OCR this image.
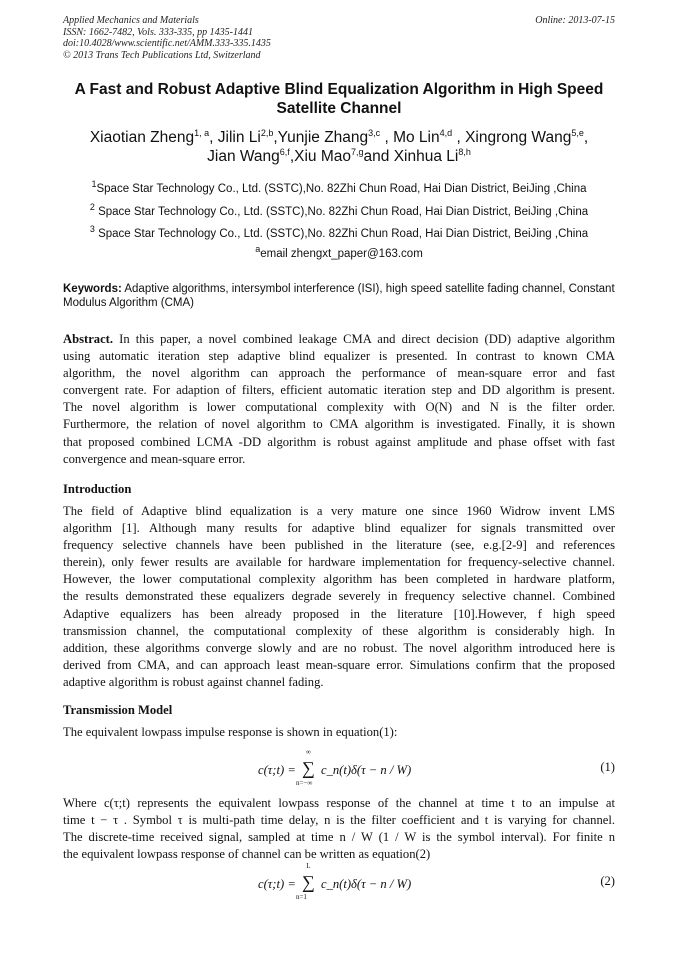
Applied Mechanics and Materials
ISSN: 1662-7482, Vols. 333-335, pp 1435-1441
doi:10.4028/www.scientific.net/AMM.333-335.1435
© 2013 Trans Tech Publications Ltd, Switzerland
Online: 2013-07-15
A Fast and Robust Adaptive Blind Equalization Algorithm in High Speed Satellite Channel
Xiaotian Zheng$^{1, a}$, Jilin Li$^{2,b}$,Yunjie Zhang$^{3,c}$ , Mo Lin$^{4,d}$ , Xingrong Wang$^{5,e}$,
Jian Wang$^{6,f}$,Xiu Mao$^{7,g}$and Xinhua Li$^{8,h}$
$^1$Space Star Technology Co., Ltd. (SSTC),No. 82Zhi Chun Road, Hai Dian District, BeiJing ,China
$^2$ Space Star Technology Co., Ltd. (SSTC),No. 82Zhi Chun Road, Hai Dian District, BeiJing ,China
$^3$ Space Star Technology Co., Ltd. (SSTC),No. 82Zhi Chun Road, Hai Dian District, BeiJing ,China
$^a$email zhengxt_paper@163.com
Keywords: Adaptive algorithms, intersymbol interference (ISI), high speed satellite fading channel, Constant Modulus Algorithm (CMA)
Abstract. In this paper, a novel combined leakage CMA and direct decision (DD) adaptive algorithm
using automatic iteration step adaptive blind equalizer is presented. In contrast to known CMA
algorithm, the novel algorithm can approach the performance of mean-square error and fast
convergent rate. For adaption of filters, efficient automatic iteration step and DD algorithm is present.
The novel algorithm is lower computational complexity with O(N) and N is the filter order.
Furthermore, the relation of novel algorithm to CMA algorithm is investigated. Finally, it is shown
that proposed combined LCMA -DD algorithm is robust against amplitude and phase offset with fast
convergence and mean-square error.
Introduction
The field of Adaptive blind equalization is a very mature one since 1960 Widrow invent LMS
algorithm [1]. Although many results for adaptive blind equalizer for signals transmitted over
frequency selective channels have been published in the literature (see, e.g.[2-9] and references
therein), only fewer results are available for hardware implementation for frequency-selective channel.
However, the lower computational complexity algorithm has been completed in hardware platform,
the results demonstrated these equalizers degrade severely in frequency selective channel. Combined
Adaptive equalizers has been already proposed in the literature [10].However, f high speed
transmission channel, the computational complexity of these algorithm is considerably high. In
addition, these algorithms converge slowly and are no robust. The novel algorithm introduced here is
derived from CMA, and can approach least mean-square error. Simulations confirm that the proposed
adaptive algorithm is robust against channel fading.
Transmission Model
The equivalent lowpass impulse response is shown in equation(1):
c(τ;t) = ∑
∞
n=−∞
c_n(t)δ(τ − n / W)	(1)
Where c(τ;t) represents the equivalent lowpass response of the channel at time t to an impulse at
time t − τ . Symbol τ is multi-path time delay, n is the filter coefficient and t is varying for channel.
The discrete-time received signal, sampled at time n / W (1 / W is the symbol interval). For finite n
the equivalent lowpass response of channel can be written as equation(2)
c(τ;t) = ∑
L
n=1
c_n(t)δ(τ − n / W)	(2)
